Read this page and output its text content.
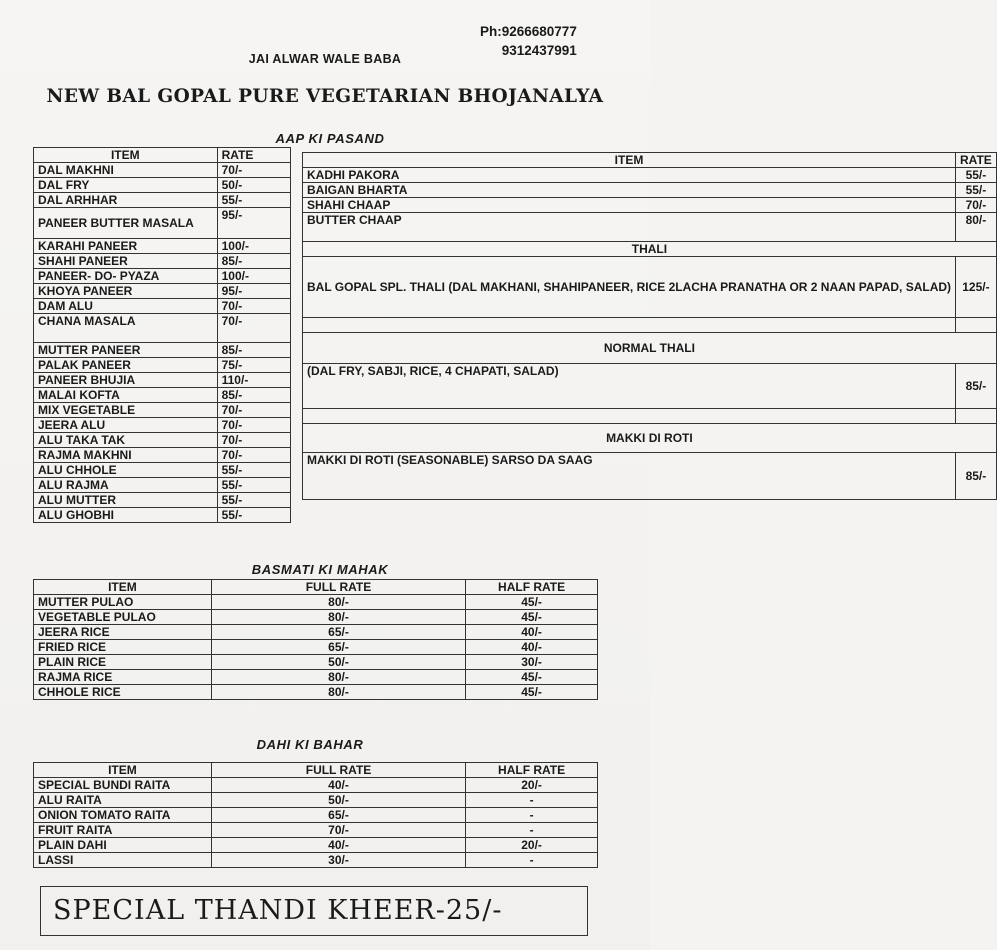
Ph:9266680777
9312437991
JAI ALWAR WALE BABA
NEW BAL GOPAL PURE VEGETARIAN BHOJANALYA
AAP KI PASAND
ITEM	RATE
DAL MAKHNI	70/-
DAL FRY	50/-
DAL ARHHAR	55/-
PANEER BUTTER MASALA	95/-
KARAHI PANEER	100/-
SHAHI PANEER	85/-
PANEER- DO- PYAZA	100/-
KHOYA PANEER	95/-
DAM ALU	70/-
CHANA MASALA	70/-
MUTTER PANEER	85/-
PALAK PANEER	75/-
PANEER BHUJIA	110/-
MALAI KOFTA	85/-
MIX VEGETABLE	70/-
JEERA ALU	70/-
ALU TAKA TAK	70/-
RAJMA MAKHNI	70/-
ALU CHHOLE	55/-
ALU RAJMA	55/-
ALU MUTTER	55/-
ALU GHOBHI	55/-
ITEM	RATE
KADHI PAKORA	55/-
BAIGAN BHARTA	55/-
SHAHI CHAAP	70/-
BUTTER CHAAP	80/-
THALI	
BAL GOPAL SPL. THALI (DAL MAKHANI, SHAHIPANEER, RICE 2LACHA PRANATHA OR 2 NAAN PAPAD, SALAD)	125/-

NORMAL THALI	
(DAL FRY, SABJI, RICE, 4 CHAPATI, SALAD)	85/-

MAKKI DI ROTI	
MAKKI DI ROTI (SEASONABLE) SARSO DA SAAG	85/-
BASMATI KI MAHAK
ITEM	FULL RATE	HALF RATE
MUTTER PULAO	80/-	45/-
VEGETABLE PULAO	80/-	45/-
JEERA RICE	65/-	40/-
FRIED RICE	65/-	40/-
PLAIN RICE	50/-	30/-
RAJMA RICE	80/-	45/-
CHHOLE RICE	80/-	45/-
DAHI KI BAHAR
ITEM	FULL RATE	HALF RATE
SPECIAL BUNDI RAITA	40/-	20/-
ALU RAITA	50/-	-
ONION TOMATO RAITA	65/-	-
FRUIT RAITA	70/-	-
PLAIN DAHI	40/-	20/-
LASSI	30/-	-
SPECIAL THANDI KHEER-25/-
